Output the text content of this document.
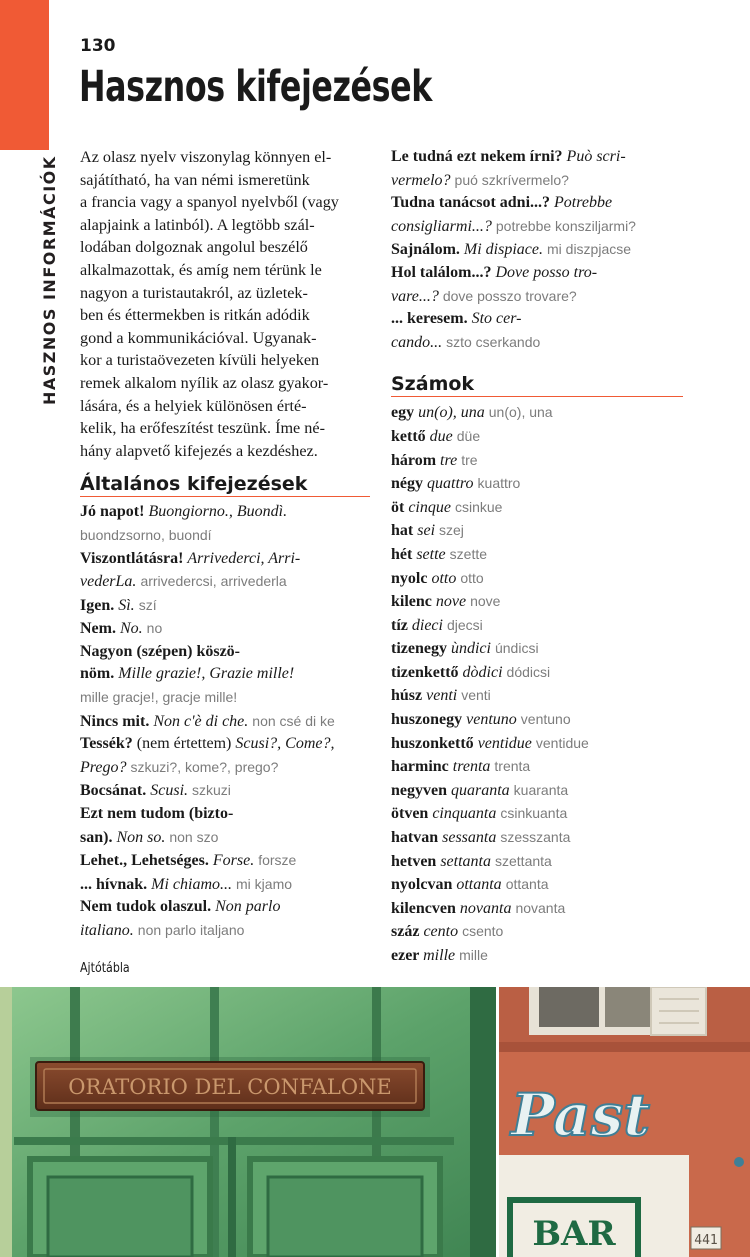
HASZNOS INFORMÁCIÓK
130
Hasznos kifejezések
Az olasz nyelv viszonylag könnyen el-
sajátítható, ha van némi ismeretünk
a francia vagy a spanyol nyelvből (vagy
alapjaink a latinból). A legtöbb szál-
lodában dolgoznak angolul beszélő
alkalmazottak, és amíg nem térünk le
nagyon a turistautakról, az üzletek-
ben és éttermekben is ritkán adódik
gond a kommunikációval. Ugyanak-
kor a turistaövezeten kívüli helyeken
remek alkalom nyílik az olasz gyakor-
lására, és a helyiek különösen érté-
kelik, ha erőfeszítést teszünk. Íme né-
hány alapvető kifejezés a kezdéshez.
Általános kifejezések
Jó napot! Buongiorno., Buondì.
buondzsorno, buondí
Viszontlátásra! Arrivederci, Arri-
vederLa. arrivedercsi, arrivederla
Igen. Sì. szí
Nem. No. no
Nagyon (szépen) köszö-
nöm. Mille grazie!, Grazie mille!
mille gracje!, gracje mille!
Nincs mit. Non c'è di che. non csé di ke
Tessék? (nem értettem) Scusi?, Come?,
Prego? szkuzi?, kome?, prego?
Bocsánat. Scusi. szkuzi
Ezt nem tudom (bizto-
san). Non so. non szo
Lehet., Lehetséges. Forse. forsze
... hívnak. Mi chiamo... mi kjamo
Nem tudok olaszul. Non parlo
italiano. non parlo italjano
Le tudná ezt nekem írni? Può scri-
vermelo? puó szkrívermelo?
Tudna tanácsot adni...? Potrebbe
consigliarmi...? potrebbe konsziljarmi?
Sajnálom. Mi dispiace. mi diszpjacse
Hol találom...? Dove posso tro-
vare...? dove posszo trovare?
... keresem. Sto cer-
cando... szto cserkando
Számok
egy un(o), una un(o), una
kettő due düe
három tre tre
négy quattro kuattro
öt cinque csinkue
hat sei szej
hét sette szette
nyolc otto otto
kilenc nove nove
tíz dieci djecsi
tizenegy ùndici úndicsi
tizenkettő dòdici dódicsi
húsz venti venti
huszonegy ventuno ventuno
huszonkettő ventidue ventidue
harminc trenta trenta
negyven quaranta kuaranta
ötven cinquanta csinkuanta
hatvan sessanta szesszanta
hetven settanta szettanta
nyolcvan ottanta ottanta
kilencven novanta novanta
száz cento csento
ezer mille mille
Ajtótábla
ORATORIO DEL CONFALONE Past
BAR	441
